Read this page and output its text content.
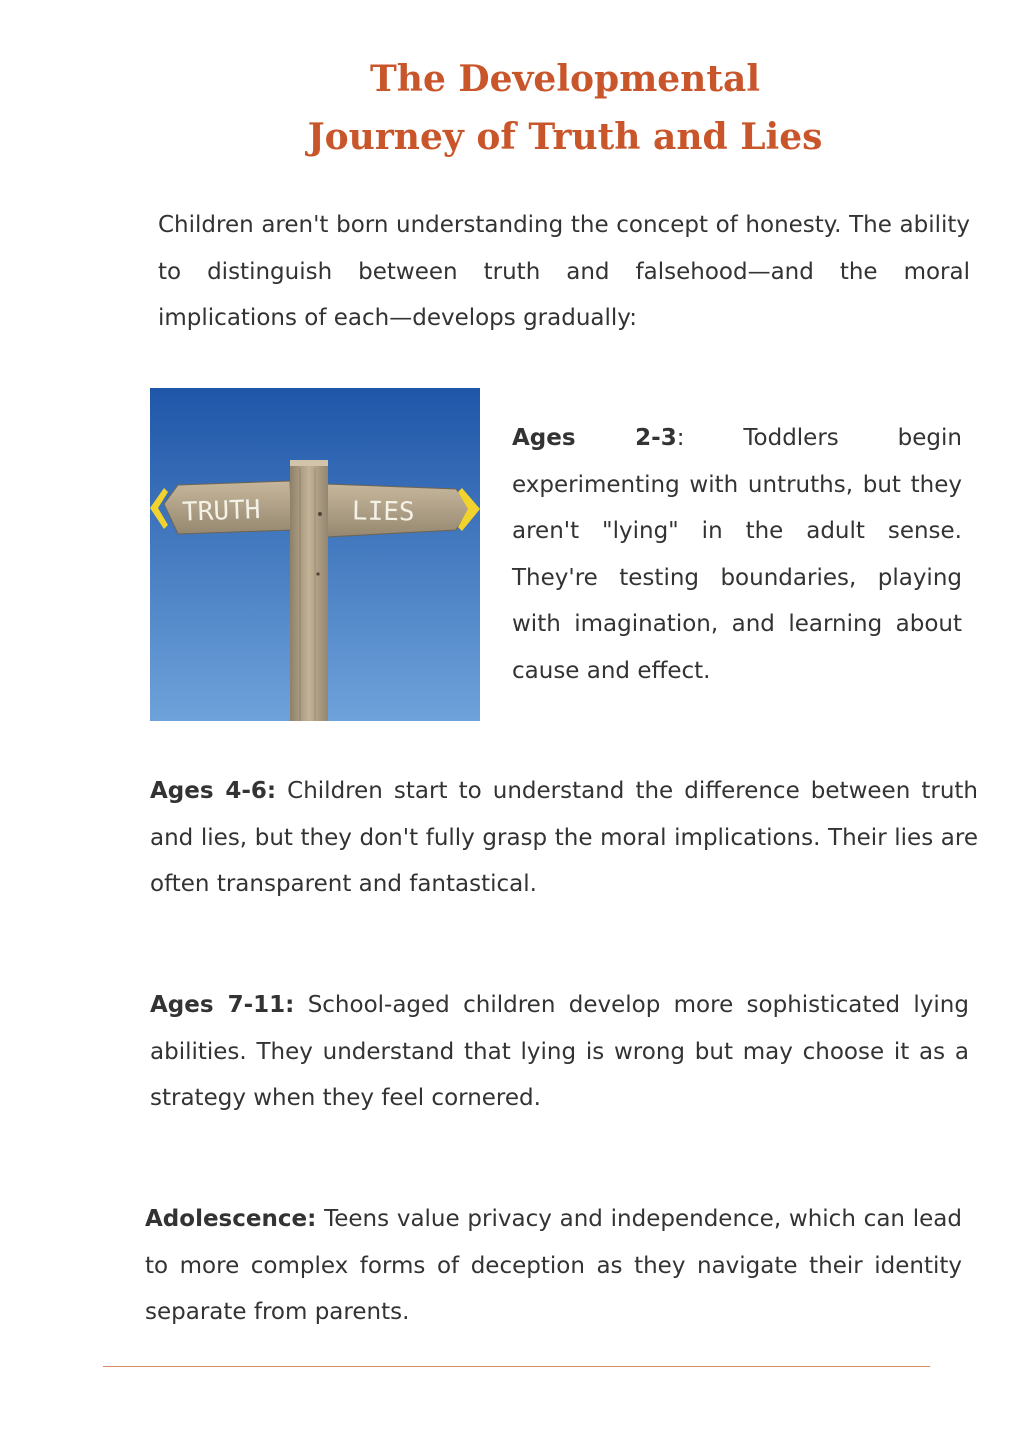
The Developmental
Journey of Truth and Lies

Children aren't born understanding the concept of honesty. The ability to distinguish between truth and falsehood—and the moral implications of each—develops gradually:

TRUTH	LIES

Ages 2-3: Toddlers begin experimenting with untruths, but they aren't "lying" in the adult sense. They're testing boundaries, playing with imagination, and learning about cause and effect.

Ages 4-6: Children start to understand the difference between truth and lies, but they don't fully grasp the moral implications. Their lies are often transparent and fantastical.

Ages 7-11: School-aged children develop more sophisticated lying abilities. They understand that lying is wrong but may choose it as a strategy when they feel cornered.

Adolescence: Teens value privacy and independence, which can lead to more complex forms of deception as they navigate their identity separate from parents.
